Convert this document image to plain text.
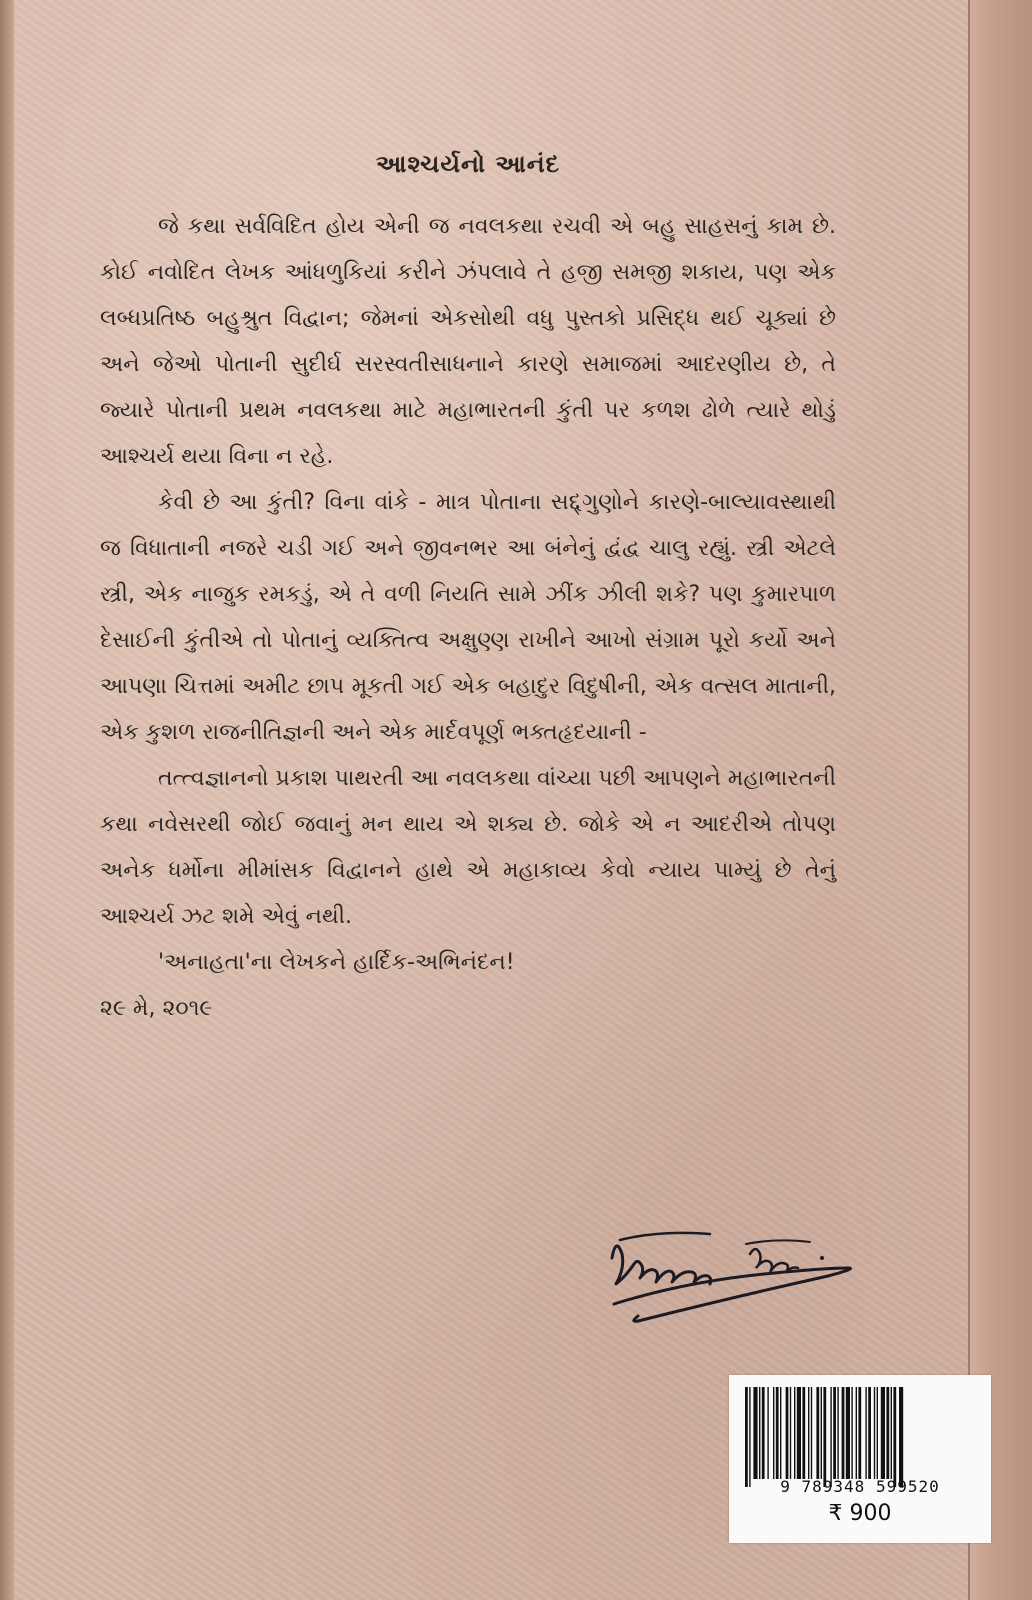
આશ્ચર્યનો આનંદ

જે કથા સર્વવિદિત હોય એની જ નવલકથા રચવી એ બહુ સાહસનું કામ છે. કોઈ નવોદિત લેખક આંધળુકિયાં કરીને ઝંપલાવે તે હજી સમજી શકાય, પણ એક લબ્ધપ્રતિષ્ઠ બહુશ્રુત વિદ્વાન; જેમનાં એકસોથી વધુ પુસ્તકો પ્રસિદ્ધ થઈ ચૂક્યાં છે અને જેઓ પોતાની સુદીર્ઘ સરસ્વતીસાધનાને કારણે સમાજમાં આદરણીય છે, તે જ્યારે પોતાની પ્રથમ નવલકથા માટે મહાભારતની કુંતી પર કળશ ઢોળે ત્યારે થોડું આશ્ચર્ય થયા વિના ન રહે.

કેવી છે આ કુંતી? વિના વાંકે - માત્ર પોતાના સદ્દ્ગુણોને કારણે-બાલ્યાવસ્થાથી જ વિધાતાની નજરે ચડી ગઈ અને જીવનભર આ બંનેનું દ્વંદ્વ ચાલુ રહ્યું. સ્ત્રી એટલે સ્ત્રી, એક નાજુક રમકડું, એ તે વળી નિયતિ સામે ઝીંક ઝીલી શકે? પણ કુમારપાળ દેસાઈની કુંતીએ તો પોતાનું વ્યક્તિત્વ અક્ષુણ્ણ રાખીને આખો સંગ્રામ પૂરો કર્યો અને આપણા ચિત્તમાં અમીટ છાપ મૂકતી ગઈ એક બહાદુર વિદુષીની, એક વત્સલ માતાની, એક કુશળ રાજનીતિજ્ઞની અને એક માર્દવપૂર્ણ ભક્તહૃદયાની -

તત્ત્વજ્ઞાનનો પ્રકાશ પાથરતી આ નવલકથા વાંચ્યા પછી આપણને મહાભારતની કથા નવેસરથી જોઈ જવાનું મન થાય એ શક્ય છે. જોકે એ ન આદરીએ તોપણ અનેક ધર્મોના મીમાંસક વિદ્વાનને હાથે એ મહાકાવ્ય કેવો ન્યાય પામ્યું છે તેનું આશ્ચર્ય ઝટ શમે એવું નથી.

'અનાહતા'ના લેખકને હાર્દિક-અભિનંદન!

૨૯ મે, ૨૦૧૯

9 789348 599520
₹ 900
